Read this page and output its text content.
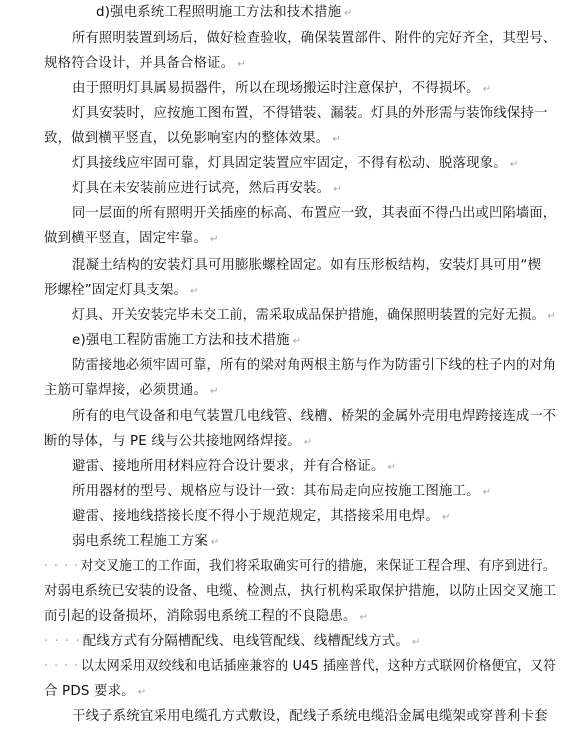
d)强电系统工程照明施工方法和技术措施 ↵
所有照明装置到场后，做好检查验收，确保装置部件、附件的完好齐全，其型号、
规格符合设计，并具备合格证。 ↵
由于照明灯具属易损器件，所以在现场搬运时注意保护，不得损坏。 ↵
灯具安装时，应按施工图布置，不得错装、漏装。灯具的外形需与装饰线保持一
致，做到横平竖直，以免影响室内的整体效果。 ↵
灯具接线应牢固可靠，灯具固定装置应牢固定，不得有松动、脱落现象。 ↵
灯具在未安装前应进行试亮，然后再安装。 ↵
同一层面的所有照明开关插座的标高、布置应一致，其表面不得凸出或凹陷墙面，
做到横平竖直，固定牢靠。 ↵
混凝土结构的安装灯具可用膨胀螺栓固定。如有压形板结构，安装灯具可用“楔
形螺栓”固定灯具支架。 ↵
灯具、开关安装完毕未交工前，需采取成品保护措施，确保照明装置的完好无损。 ↵
e)强电工程防雷施工方法和技术措施 ↵
防雷接地必须牢固可靠，所有的梁对角两根主筋与作为防雷引下线的柱子内的对角
主筋可靠焊接，必须贯通。 ↵
所有的电气设备和电气装置几电线管、线槽、桥架的金属外壳用电焊跨接连成一不
断的导体，与 PE 线与公共接地网络焊接。 ↵
避雷、接地所用材料应符合设计要求，并有合格证。 ↵
所用器材的型号、规格应与设计一致：其布局走向应按施工图施工。 ↵
避雷、接地线搭接长度不得小于规范规定，其搭接采用电焊。 ↵
弱电系统工程施工方案 ↵
· · · · 对交叉施工的工作面，我们将采取确实可行的措施，来保证工程合理、有序到进行。
对弱电系统已安装的设备、电缆、检测点，执行机构采取保护措施，以防止因交叉施工
而引起的设备损坏，消除弱电系统工程的不良隐患。 ↵
· · · · 配线方式有分隔槽配线、电线管配线、线槽配线方式。 ↵
· · · · 以太网采用双绞线和电话插座兼容的 U45 插座普代，这种方式联网价格便宜，又符
合 PDS 要求。 ↵
干线子系统宜采用电缆孔方式敷设，配线子系统电缆沿金属电缆架或穿普利卡套
